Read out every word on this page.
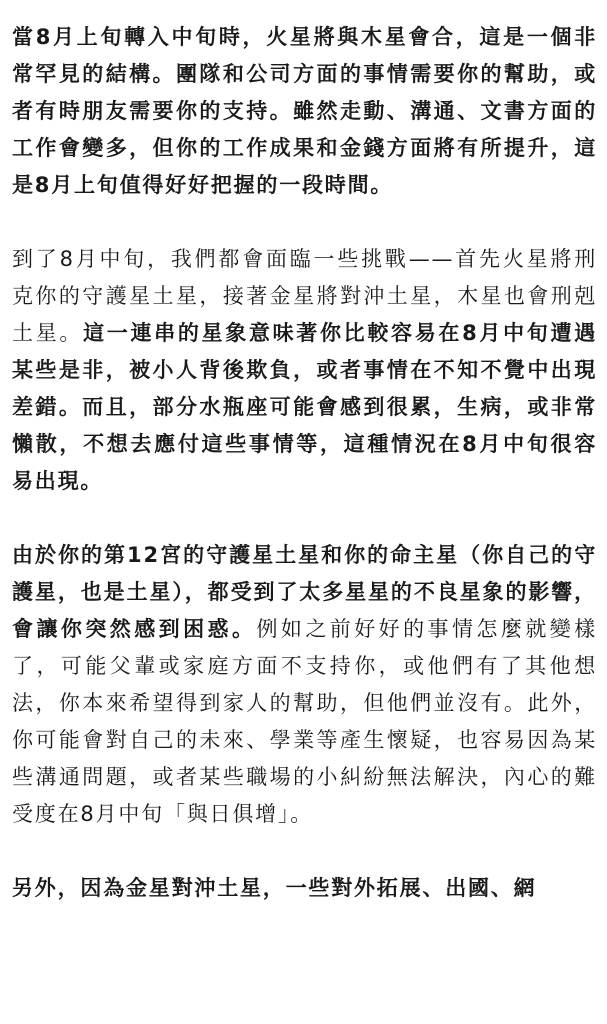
當8月上旬轉入中旬時，火星將與木星會合，這是一個非常罕見的結構。團隊和公司方面的事情需要你的幫助，或者有時朋友需要你的支持。雖然走動、溝通、文書方面的工作會變多，但你的工作成果和金錢方面將有所提升，這是8月上旬值得好好把握的一段時間。

到了8月中旬，我們都會面臨一些挑戰——首先火星將刑克你的守護星土星，接著金星將對沖土星，木星也會刑剋土星。這一連串的星象意味著你比較容易在8月中旬遭遇某些是非，被小人背後欺負，或者事情在不知不覺中出現差錯。而且，部分水瓶座可能會感到很累，生病，或非常懶散，不想去應付這些事情等，這種情況在8月中旬很容易出現。

由於你的第12宮的守護星土星和你的命主星（你自己的守護星，也是土星），都受到了太多星星的不良星象的影響，會讓你突然感到困惑。例如之前好好的事情怎麼就變樣了，可能父輩或家庭方面不支持你，或他們有了其他想法，你本來希望得到家人的幫助，但他們並沒有。此外，你可能會對自己的未來、學業等產生懷疑，也容易因為某些溝通問題，或者某些職場的小糾紛無法解決，內心的難受度在8月中旬「與日俱增」。

另外，因為金星對沖土星，一些對外拓展、出國、網
